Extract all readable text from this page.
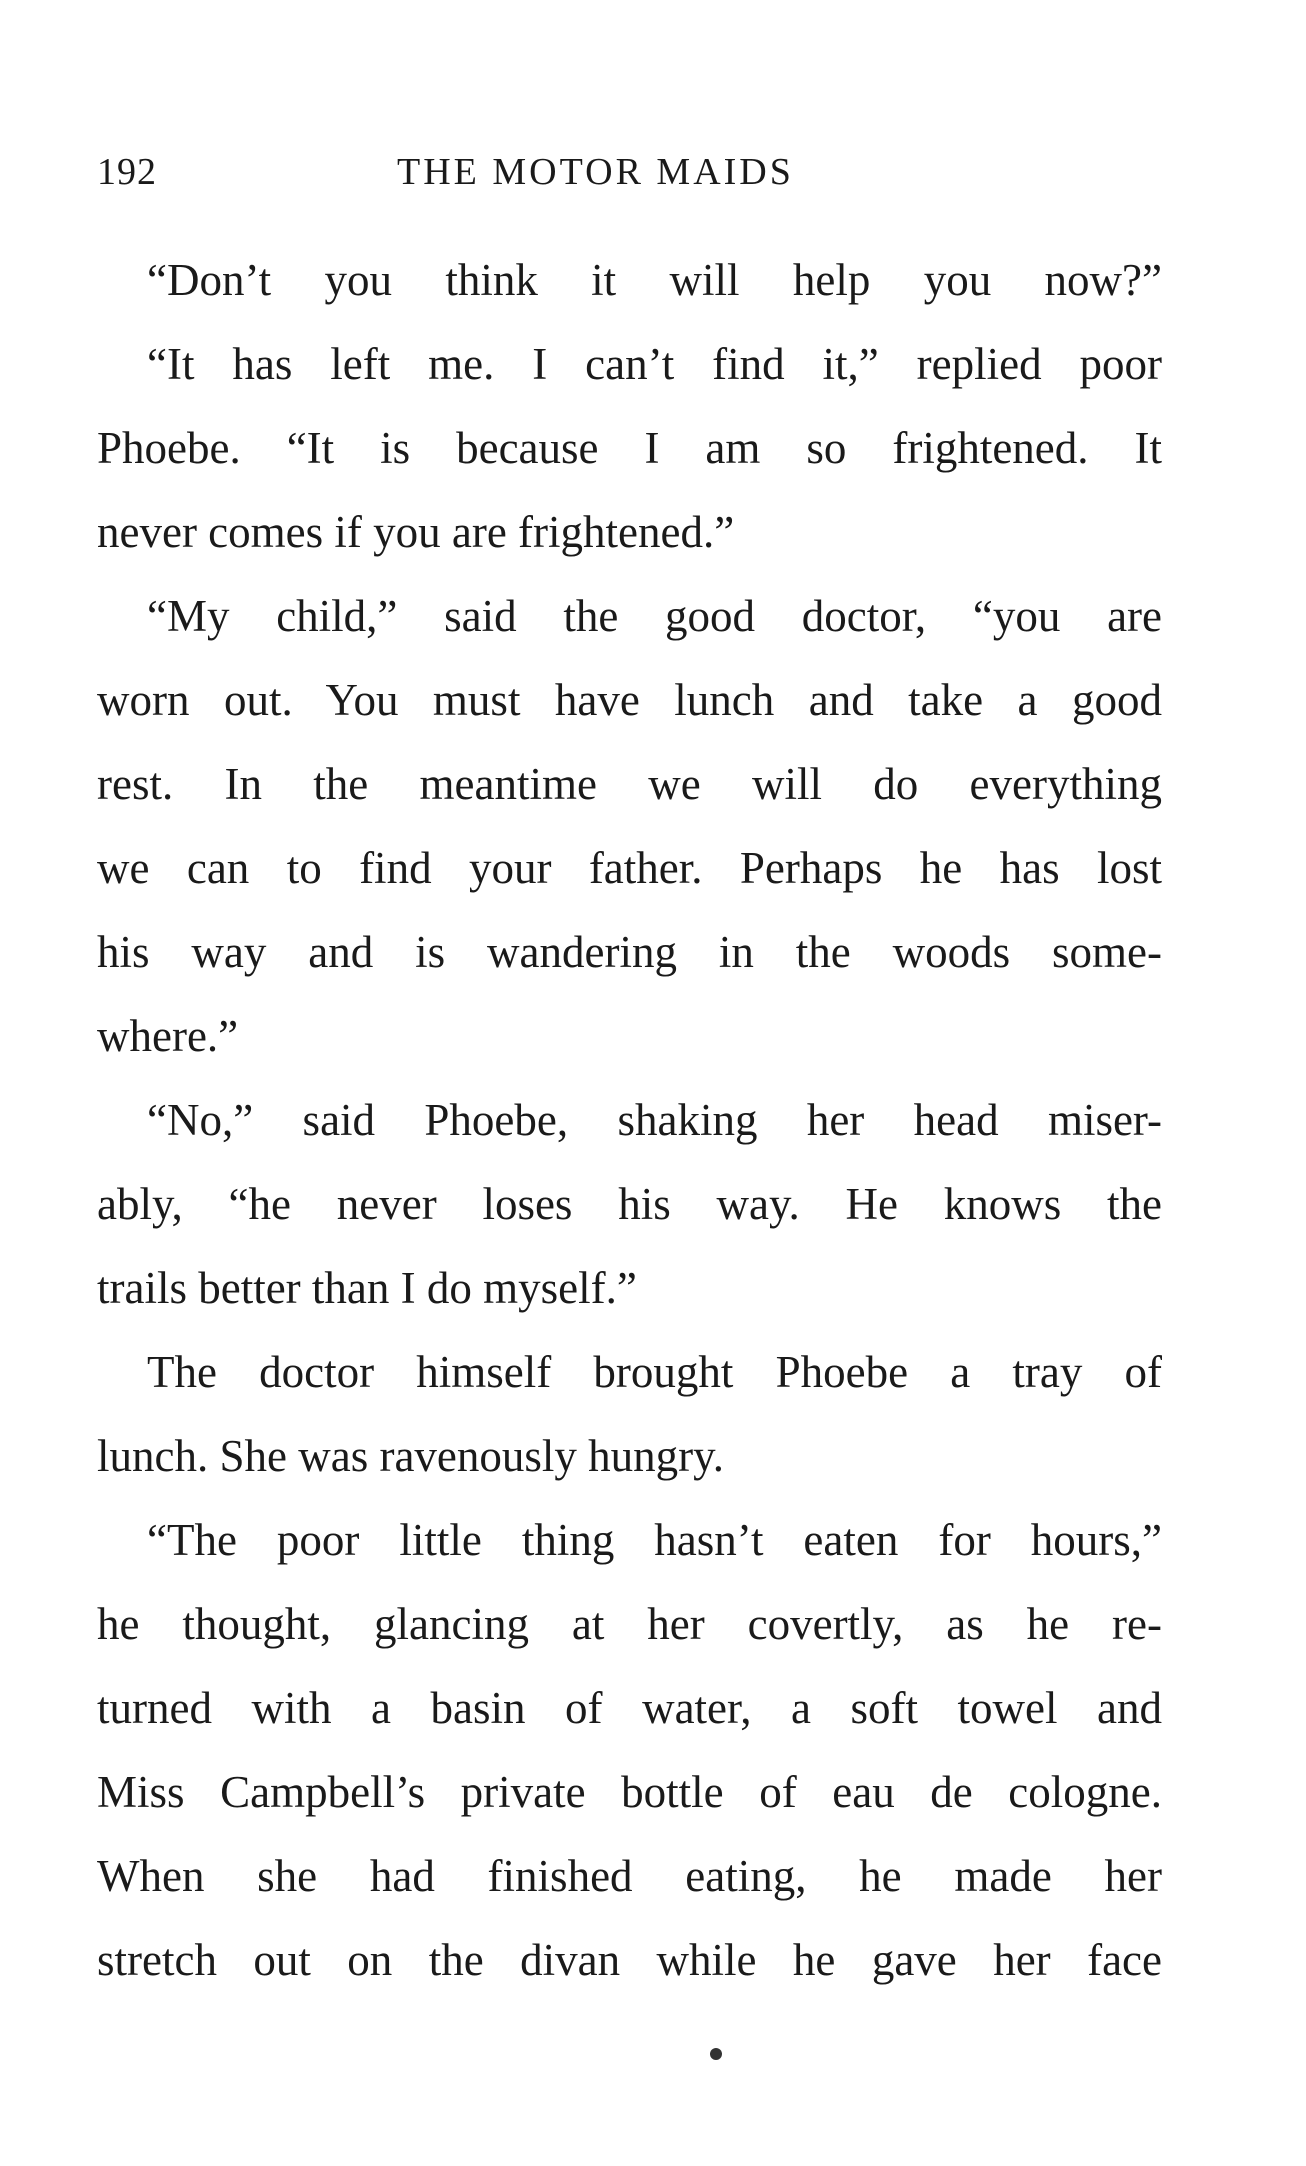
192	THE MOTOR MAIDS
“Don’t you think it will help you now?”
“It has left me. I can’t find it,” replied poor
Phoebe. “It is because I am so frightened. It
never comes if you are frightened.”
“My child,” said the good doctor, “you are
worn out. You must have lunch and take a good
rest. In the meantime we will do everything
we can to find your father. Perhaps he has lost
his way and is wandering in the woods some-
where.”
“No,” said Phoebe, shaking her head miser-
ably, “he never loses his way. He knows the
trails better than I do myself.”
The doctor himself brought Phoebe a tray of
lunch. She was ravenously hungry.
“The poor little thing hasn’t eaten for hours,”
he thought, glancing at her covertly, as he re-
turned with a basin of water, a soft towel and
Miss Campbell’s private bottle of eau de cologne.
When she had finished eating, he made her
stretch out on the divan while he gave her face
